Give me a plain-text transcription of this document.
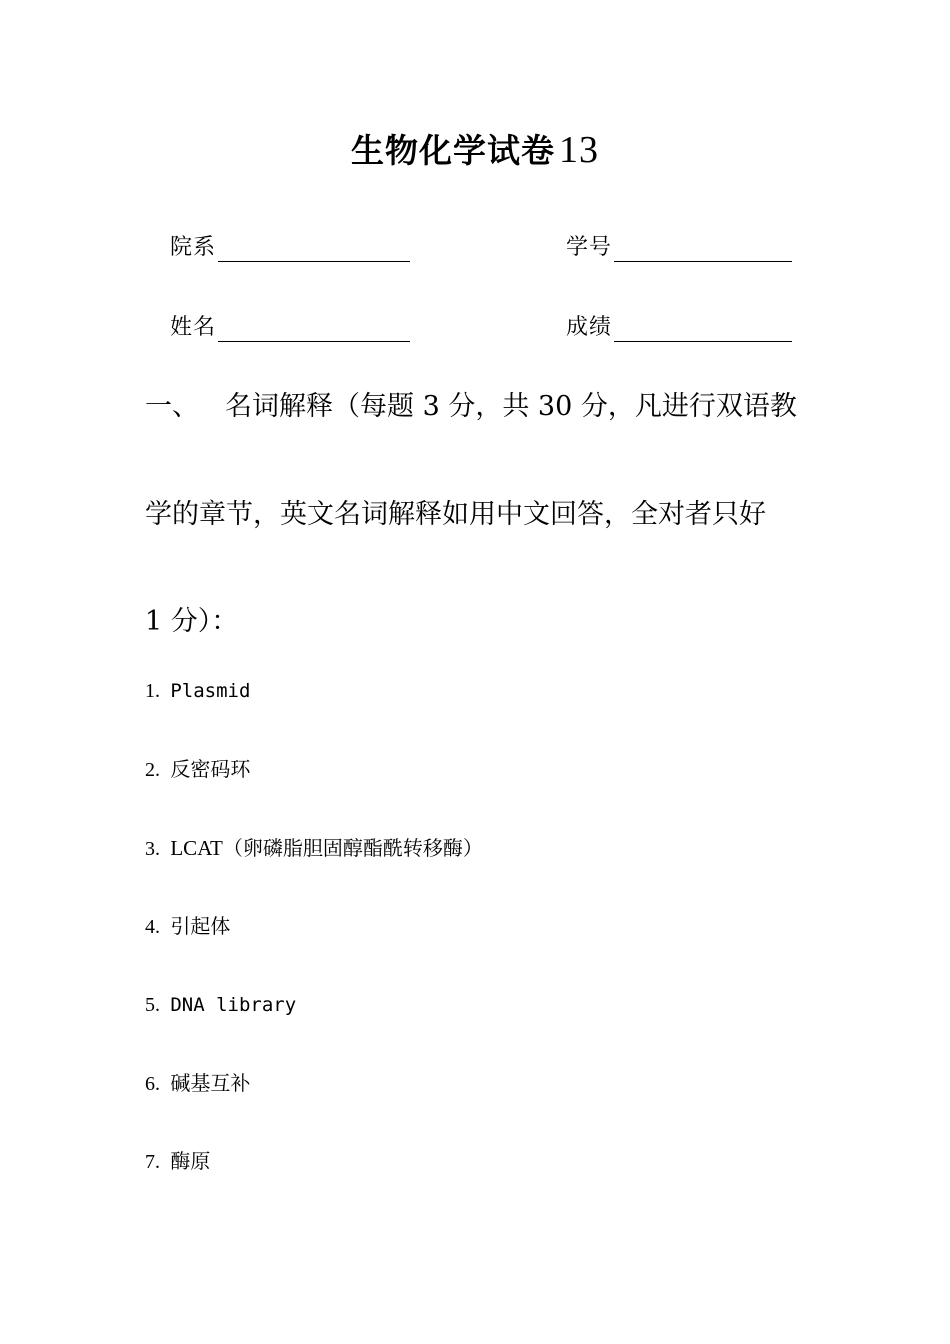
生物化学试卷 13
院系	学号
姓名	成绩
一、 名词解释（每题 3 分，共 30 分，凡进行双语教
学的章节，英文名词解释如用中文回答，全对者只好
1 分）：
1. Plasmid
2. 反密码环
3. LCAT（卵磷脂胆固醇酯酰转移酶）
4. 引起体
5. DNA library
6. 碱基互补
7. 酶原
